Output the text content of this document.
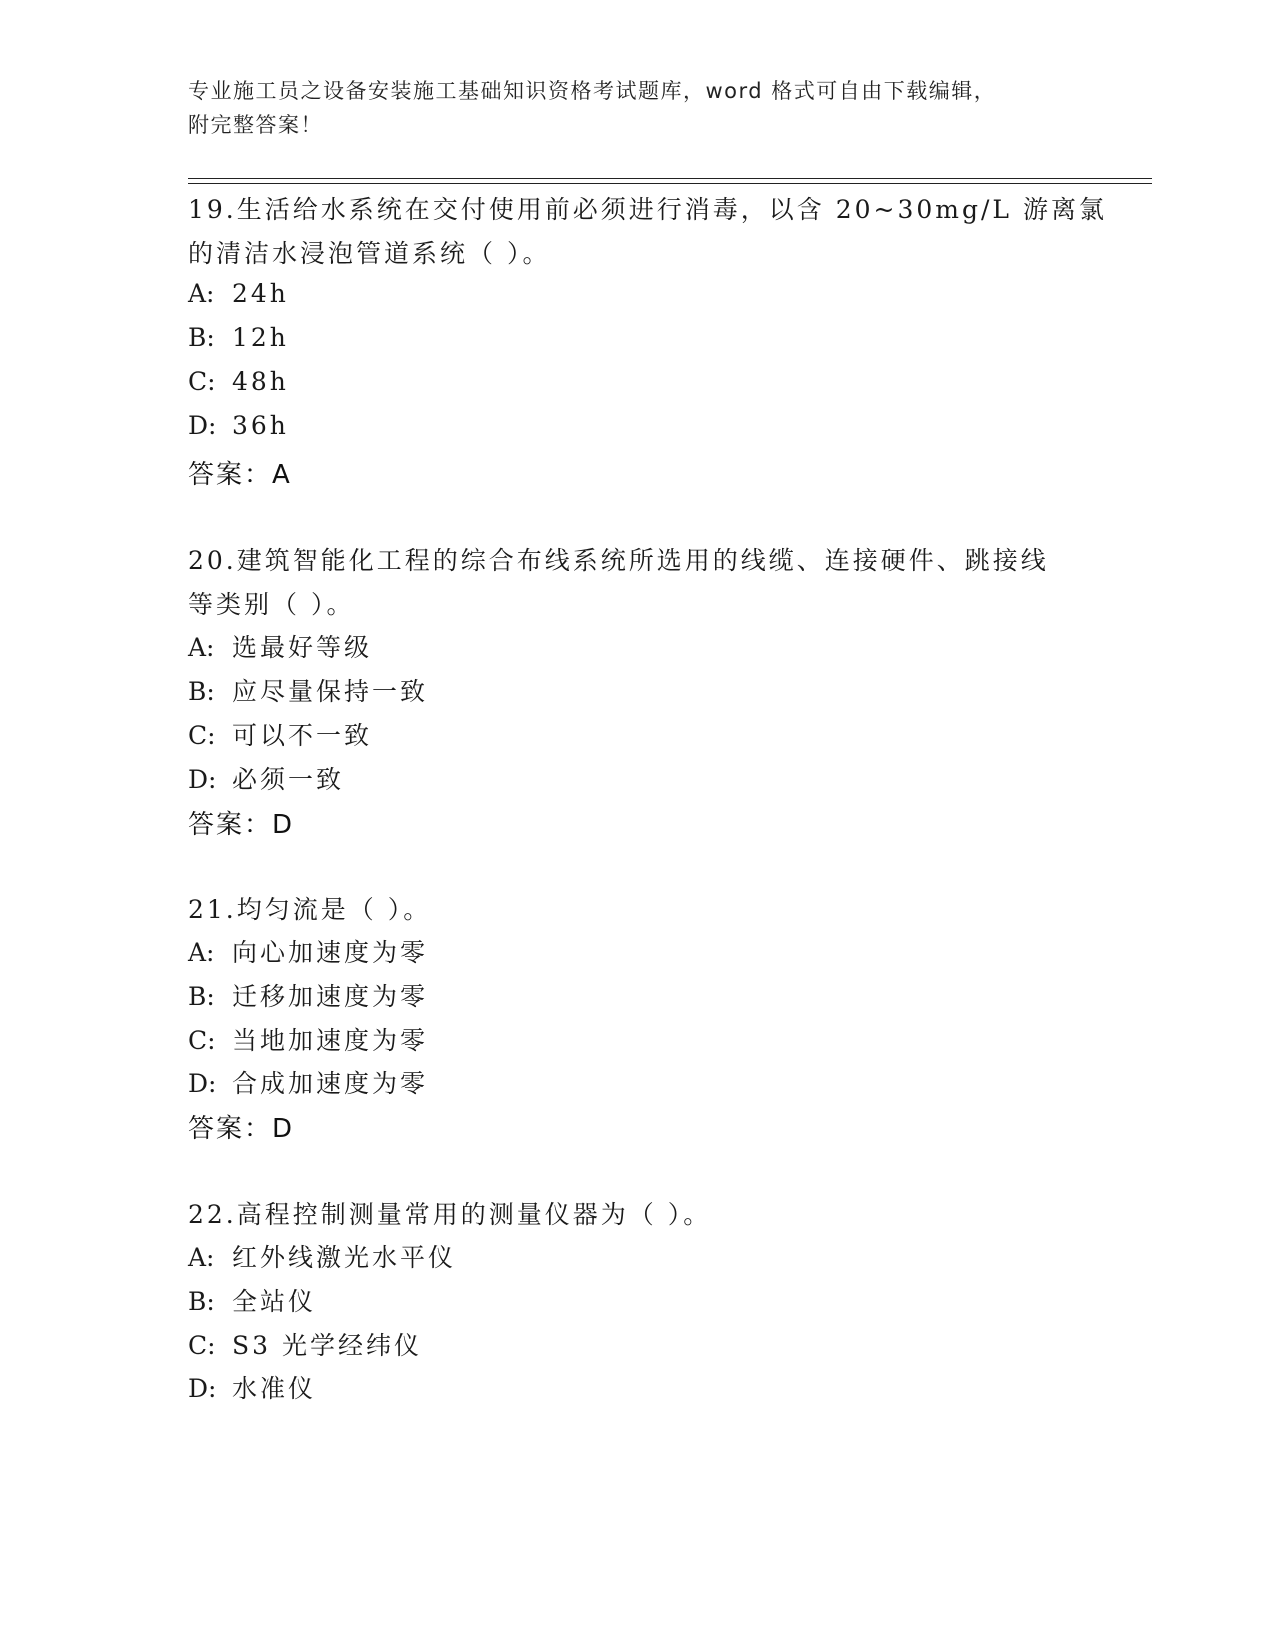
专业施工员之设备安装施工基础知识资格考试题库，word 格式可自由下载编辑，
附完整答案！
19.生活给水系统在交付使用前必须进行消毒，以含 20~30mg/L 游离氯
的清洁水浸泡管道系统（ ）。
A: 24h
B: 12h
C: 48h
D: 36h
答案：A
20.建筑智能化工程的综合布线系统所选用的线缆、连接硬件、跳接线
等类别（ ）。
A: 选最好等级
B: 应尽量保持一致
C: 可以不一致
D: 必须一致
答案：D
21.均匀流是（ ）。
A: 向心加速度为零
B: 迁移加速度为零
C: 当地加速度为零
D: 合成加速度为零
答案：D
22.高程控制测量常用的测量仪器为（ ）。
A: 红外线激光水平仪
B: 全站仪
C: S3 光学经纬仪
D: 水准仪
